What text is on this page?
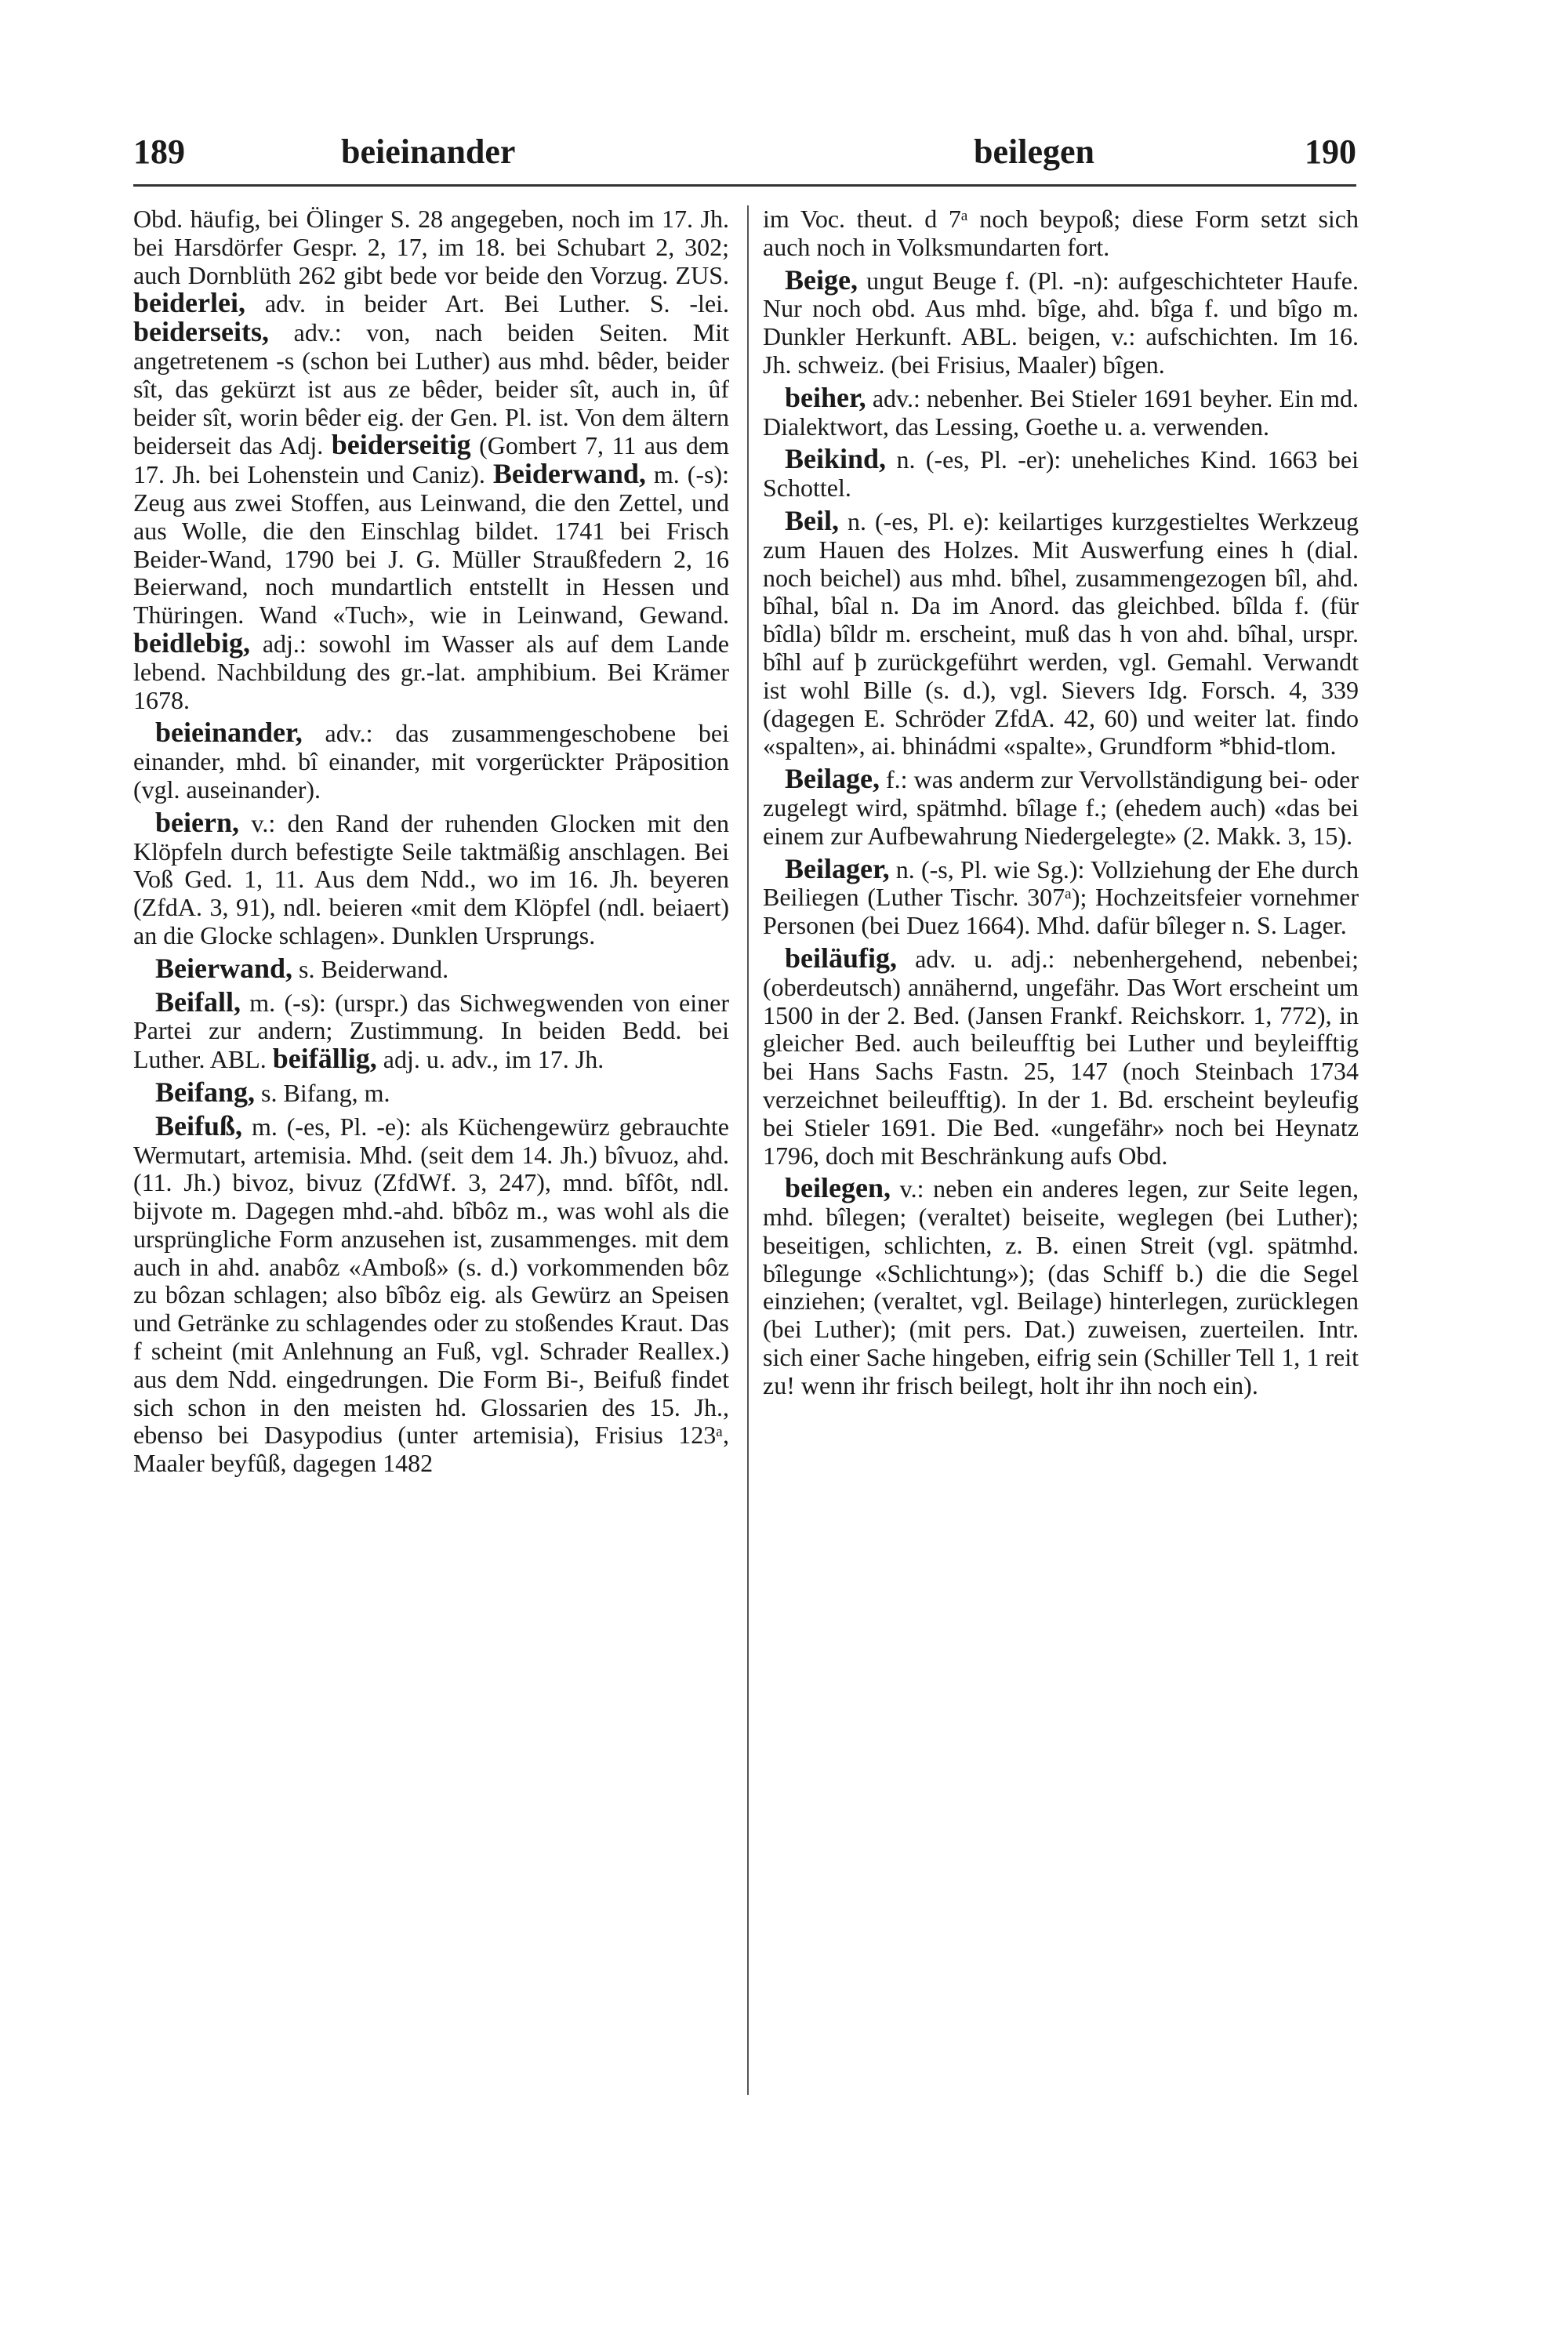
189	beieinander	beilegen	190

Obd. häufig, bei Ölinger S. 28 angegeben, noch im 17. Jh. bei Harsdörfer Gespr. 2, 17, im 18. bei Schubart 2, 302; auch Dornblüth 262 gibt bede vor beide den Vorzug. ZUS. beiderlei, adv. in beider Art. Bei Luther. S. -lei. beiderseits, adv.: von, nach beiden Seiten. Mit angetretenem -s (schon bei Luther) aus mhd. bêder, beider sît, das gekürzt ist aus ze bêder, beider sît, auch in, ûf beider sît, worin bêder eig. der Gen. Pl. ist. Von dem ältern beiderseit das Adj. beiderseitig (Gombert 7, 11 aus dem 17. Jh. bei Lohenstein und Caniz). Beiderwand, m. (-s): Zeug aus zwei Stoffen, aus Leinwand, die den Zettel, und aus Wolle, die den Einschlag bildet. 1741 bei Frisch Beider-Wand, 1790 bei J. G. Müller Straußfedern 2, 16 Beierwand, noch mundartlich entstellt in Hessen und Thüringen. Wand «Tuch», wie in Leinwand, Gewand. beidlebig, adj.: sowohl im Wasser als auf dem Lande lebend. Nachbildung des gr.-lat. amphibium. Bei Krämer 1678.

beieinander, adv.: das zusammengeschobene bei einander, mhd. bî einander, mit vorgerückter Präposition (vgl. auseinander).

beiern, v.: den Rand der ruhenden Glocken mit den Klöpfeln durch befestigte Seile taktmäßig anschlagen. Bei Voß Ged. 1, 11. Aus dem Ndd., wo im 16. Jh. beyeren (ZfdA. 3, 91), ndl. beieren «mit dem Klöpfel (ndl. beiaert) an die Glocke schlagen». Dunklen Ursprungs.

Beierwand, s. Beiderwand.

Beifall, m. (-s): (urspr.) das Sichwegwenden von einer Partei zur andern; Zustimmung. In beiden Bedd. bei Luther. ABL. beifällig, adj. u. adv., im 17. Jh.

Beifang, s. Bifang, m.

Beifuß, m. (-es, Pl. -e): als Küchengewürz gebrauchte Wermutart, artemisia. Mhd. (seit dem 14. Jh.) bîvuoz, ahd. (11. Jh.) bivoz, bivuz (ZfdWf. 3, 247), mnd. bîfôt, ndl. bijvote m. Dagegen mhd.-ahd. bîbôz m., was wohl als die ursprüngliche Form anzusehen ist, zusammenges. mit dem auch in ahd. anabôz «Amboß» (s. d.) vorkommenden bôz zu bôzan schlagen; also bîbôz eig. als Gewürz an Speisen und Getränke zu schlagendes oder zu stoßendes Kraut. Das f scheint (mit Anlehnung an Fuß, vgl. Schrader Reallex.) aus dem Ndd. eingedrungen. Die Form Bi-, Beifuß findet sich schon in den meisten hd. Glossarien des 15. Jh., ebenso bei Dasypodius (unter artemisia), Frisius 123ᵃ, Maaler beyfûß, dagegen 1482

im Voc. theut. d 7ᵃ noch beypoß; diese Form setzt sich auch noch in Volksmundarten fort.

Beige, ungut Beuge f. (Pl. -n): aufgeschichteter Haufe. Nur noch obd. Aus mhd. bîge, ahd. bîga f. und bîgo m. Dunkler Herkunft. ABL. beigen, v.: aufschichten. Im 16. Jh. schweiz. (bei Frisius, Maaler) bîgen.

beiher, adv.: nebenher. Bei Stieler 1691 beyher. Ein md. Dialektwort, das Lessing, Goethe u. a. verwenden.

Beikind, n. (-es, Pl. -er): uneheliches Kind. 1663 bei Schottel.

Beil, n. (-es, Pl. e): keilartiges kurzgestieltes Werkzeug zum Hauen des Holzes. Mit Auswerfung eines h (dial. noch beichel) aus mhd. bîhel, zusammengezogen bîl, ahd. bîhal, bîal n. Da im Anord. das gleichbed. bîlda f. (für bîdla) bîldr m. erscheint, muß das h von ahd. bîhal, urspr. bîhl auf þ zurückgeführt werden, vgl. Gemahl. Verwandt ist wohl Bille (s. d.), vgl. Sievers Idg. Forsch. 4, 339 (dagegen E. Schröder ZfdA. 42, 60) und weiter lat. findo «spalten», ai. bhinádmi «spalte», Grundform *bhid-tlom.

Beilage, f.: was anderm zur Vervollständigung bei- oder zugelegt wird, spätmhd. bîlage f.; (ehedem auch) «das bei einem zur Aufbewahrung Niedergelegte» (2. Makk. 3, 15).

Beilager, n. (-s, Pl. wie Sg.): Vollziehung der Ehe durch Beiliegen (Luther Tischr. 307ᵃ); Hochzeitsfeier vornehmer Personen (bei Duez 1664). Mhd. dafür bîleger n. S. Lager.

beiläufig, adv. u. adj.: nebenhergehend, nebenbei; (oberdeutsch) annähernd, ungefähr. Das Wort erscheint um 1500 in der 2. Bed. (Jansen Frankf. Reichskorr. 1, 772), in gleicher Bed. auch beileufftig bei Luther und beyleifftig bei Hans Sachs Fastn. 25, 147 (noch Steinbach 1734 verzeichnet beileufftig). In der 1. Bd. erscheint beyleufig bei Stieler 1691. Die Bed. «ungefähr» noch bei Heynatz 1796, doch mit Beschränkung aufs Obd.

beilegen, v.: neben ein anderes legen, zur Seite legen, mhd. bîlegen; (veraltet) beiseite, weglegen (bei Luther); beseitigen, schlichten, z. B. einen Streit (vgl. spätmhd. bîlegunge «Schlichtung»); (das Schiff b.) die die Segel einziehen; (veraltet, vgl. Beilage) hinterlegen, zurücklegen (bei Luther); (mit pers. Dat.) zuweisen, zuerteilen. Intr. sich einer Sache hingeben, eifrig sein (Schiller Tell 1, 1 reit zu! wenn ihr frisch beilegt, holt ihr ihn noch ein).
